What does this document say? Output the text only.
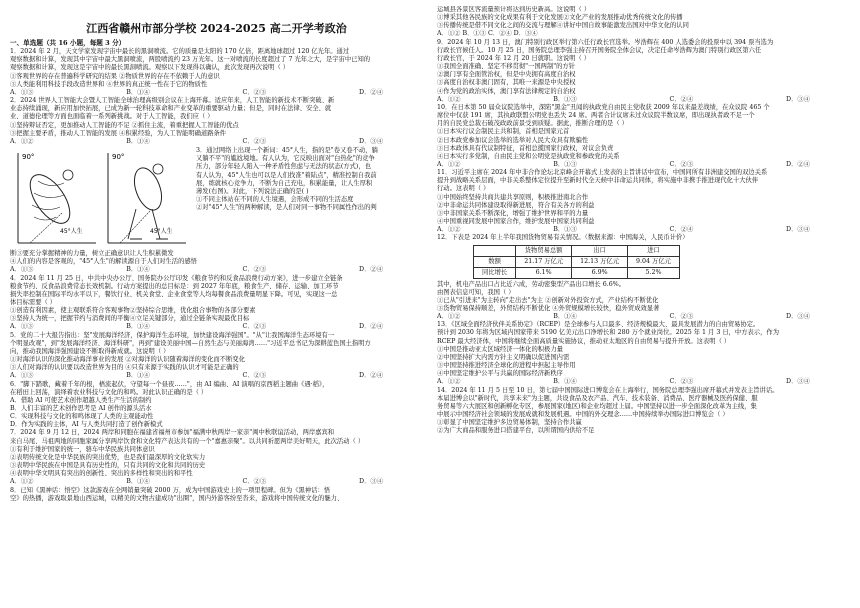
江西省赣州市部分学校 2024-2025 高二开学考政治
一、单选题（共 16 小题，每题 3 分）

1．2024 年 2 月，天文学家发现宇宙中最长的黑洞喷流。它的质量是太阳的 170 亿倍，距离地球超过 120 亿光年。通过

观察数据和计算，发现其中宇宙中最大黑洞喷流，两股喷流约 23 万光年。这一对喷流的长度超过了 7 光年之大，是宇宙中已知的

观察数据和计算，发现这是宇宙中的最长黑洞喷流。观察以下发现得以确认，此次发现再次说明（ ）

①客观世界的存在普遍科学研究的结果 ②物质世界的存在不依赖于人的意识

③人类能利用科技手段改造世界和 ④世界的真正统一性在于它的物质性

A．①③	B．①④	C．②③	D．②④

2．2024 世界人工智能大会暨人工智能全球治理高级别会议在上海开幕。适应年来，人工智能的新技术不断突破、新

业态持续涌现，新应用加快拓展，已成为新一轮科技革命和产业变革的重要驱动力量；但是，同时在法律、安全、就

业、道德伦理等方面也面临着一系列新挑战。对于人工智能，我们应（ ）

①坚持辩证否定，更加推动人工智能的不足 ②抓住主流，着重把握人工智能的优点

③把握主要矛盾，推动人工智能的发展 ④积累经验，为人工智能明确道路条件

A．①②	B．①④	C．②③	D．③④
90°
45°人生
90°
45°人生

3．通过网络上出现一个新词：45°人生，指的是"卷又卷不动，躺

又躺不平"的尴尬境地。有人认为，它反映出面对"白热化"的竞争

压力，部分年轻人陷入一种矛盾性焦虑与无法的状态(方式)，也

有人认为，45°人生也可以是人们找准"着陆点"，精准控制自我前

展，练就核心竞争力，不断为自己充电，积累能量，让人生厚积

薄发(右图)。对此，下列说法正确的是( )

①不同主体站在不同的人生境遇，会形成不同的生活态度

②对"45°人生"的两种解读，是人们对同一事物不同属性作出的判

断③要充分掌握精神的力量，树立正确意识让人生积累微发

④人们的内容是客观的，"45°人生"的解读源自于人们对生活的感悟

A．①③	B．①④	C．②③	D．②④

4．2024 年 11 月 25 日，中共中央办公厅、国务院办公厅印发《粮食节约和反食品浪费行动方案》，进一步建立全链条

粮食节约、反食品浪费常态长效机制。行动方案提出的总目标是：到 2027 年年底，粮食生产、储存、运输、加工环节

损失率控制在国际平均水平以下，餐饮行业、机关食堂、企业食堂等人均每餐食品浪费量明显下降。可见，实现这一总

体目标需要（ ）

①创造有利因素，使主观联系符合客观事物②坚持综合思维，优化组合事物的各部分要素

③坚持人为统一，把握节约与消费间的平衡④立足关键部分，通过全链条实现最优目标

A．①③	B．①④	C．②③	D．②④

5．党的二十大报告指出：坚"发展海洋经济，保护海洋生态环境，加快建设海洋强国"。"从"让我国海洋生态环境有一

个明显改观"，到"发展海洋经济、海洋科研"，再到"建设美丽中国—自然生态与美丽海湾……"习近平总书记为深耕蓝色国土指明方

向，推动我国海洋强国建设不断取得新成就。这说明（ ）

①对海洋认识的深化推动海洋事业的发展 ②对海洋的认识随着海洋的变化而不断变化

③人们对海洋的认识要以改造世界为目的 ④只有来源于实践的认识才可能是正确的

A．①③	B．①④	C．②③	D．②④

6．"脚下踏歌，藏着千年的根，梧流起伏，守望每一个昼夜……"，由 AI 编曲、AI 演唱的京西稻主题曲《遇·稻》，

在稻田上回荡，演绎着农业科技与文化的和鸣。对此认识正确的是（ ）

A．借助 AI 可使艺术创作超越人类生产生活的制约

B．人们丰富的艺术创作思考是 AI 创作的源头活水

C．实现科技与文化的和鸣体现了人类的主观能动性

D．作为实践的主体，AI 与人类共同打造了创作新模式

7．2024 年 9 月 12 日，2024 两岸和同胞在福建省福州市参加"福满中秋两岸一家亲"闽中秋联谊活动，两岸嘉宾和

来自马尾、马祖两地的同胞家属分享两岸饮食和文化特产表达共有的一个"嘉惠亲聚"。以共同祈愿两岸美好明天，此次活动（ ）

①有利于维护国家的统一，骆车中华民族共同体意识

②表明传统文化是中华民族的突出优势，也是我们最深厚的文化软实力

③表明中华民族在中国是具有历史性的，只有共同的文化和共同的历史

④表明中华文明具有突出的创新性、突出的多样性和突出的和平性

A．①②	B．①④	C．②③	D．③④

8．已知《黑神话：悟空》这款游戏在全网销量突破 2000 万，成为中国游戏史上的一项里程碑。但为《黑神话：悟

空》的热播，游戏取景地山西运城，以精美的文物古建成功"出圈"，国内外游客纷至沓来，游戏将中国传统文化的魅力、

运城县各景区客流量预计将达到历史新高。这说明（ ）

①博采其他各民族的文化成果有利于文化发展②文化产业的发展推动优秀传统文化的传播

③传播传统是借不同文化之间的交流与理解④讲好中国自故事能激发出国对中华文化的认同

A．①② B．①③ C．②④ D．③④

9．2024 年 10 月 13 日，澳门特别行政区举行第六任行政长官选举。岑浩辉在 400 人选委会的投票中以 394 票当选为

行政长官候任人。10 月 25 日，国务院总理李强主持召开国务院全体会议，决定任命岑浩辉为澳门特别行政区第六任

行政长官，于 2024 年 12 月 20 日就职。这说明（ ）

①我国全面准确、坚定不移贯彻"一国两制"的方针

②澳门享有全面管治权，但是中央拥有高度自治权

③高度自治权非澳门固有，其唯一来源是中央授权

④作为党的政治实体，澳门享有法律规定的自治权

A．①②	B．①③	C．②④	D．③④

10．在日本第 50 届众议院选举中，深陷"黑金"丑闻的执政党自由民主党收获 2009 年以来最差战绩，在众议院 465 个

席位中仅获 191 席，其执政联盟公明党也丢失 24 席。两者合计议席未过众议院半数议席，即出现执者政不足一个

月的自民党总裁石破茂政政前景受到质疑。据此，推断合理的是（ ）

①日本实行议会制民主共和制，首相是国家元首

②日本政党参加议会选举的选举对人民大众具有欺骗性

③日本政体具有代议制特征，首相总揽国家行政权，对议会负责

④日本实行多党制，自由民主党和公明党是执政党和参政党的关系

A．①②	B．①③	C．②③	D．②④

11．习近平主席在 2024 年中非合作论坛北京峰会开幕式上发表的主旨讲话中宣布，中国同所有非洲建交国的双边关系

提升到战略关系层面，中非关系整体定位提升至新时代全天候中非命运共同体，将实施中非携手推进现代化十大伙伴

行动。这表明（ ）

①中国始终坚持共商共建共享原则，积极推进南北合作

②中非命运共同体建设取得新进展，符合有关各方的利益

③中非国家关系不断深化，增强了维护世界和平的力量

④中国重视同发展中国家合作，维护发展中国家共同利益

A．①②	B．①③	C．②④	D．③④

12．下表是 2024 年上半年我国货物贸易有关情况。（数据来源：中国海关，人民币计价）

	货物贸易总额	出口	进口
数额	21.17 万亿元	12.13 万亿元	9.04 万亿元
同比增长	6.1%	6.9%	5.2%

其中，机电产品出口占比近六成，劳动密集型产品出口增长 6.6%。

由图表信息可知，我国（ ）

①已从"引进来"为主转向"走出去"为主 ②创新对外投资方式，产业结构不断优化

③货物贸易保持顺差，外贸结构不断优化 ④外贸规模增长较快，稳外贸成效显著

A．①②	B．①④	C．②③	D．③④

13．《区域全面经济伙伴关系协定》（RCEP）是全球参与人口最多、经济规模最大、最具发展潜力的自由贸易协定。

预计到 2030 年将为区域内国家带来 5190 亿美元出口净增长和 280 万个就业岗位。2025 年 1 月 3 日，中方表示，作为

RCEP 最大经济体，中国将继续全面高质量实施协议，推动亚太地区的自由贸易与提升开放。这表明（ ）

①中国是推动亚太区域经济一体化的积极力量

②中国坚持扩大内需方针主义明确以促进国内需

③中国坚持推进经济全球化的进程中担起主导作用

④中国坚定维护公平与共赢的国际经济新秩序

A．①②	B．①④	C．②③	D．③④

14．2024 年 11 月 5 日至 10 日，第七届中国国际进口博览会在上海举行，国务院总理李强出席开幕式并发表主旨讲话。

本届进博会以"新时代，共享未来"为主题，共设食品及农产品、汽车、技术装备、消费品、医疗器械及医药保健、服

务贸易等六大展区和创新孵化专区，参展国家(地区)和企业均超过上届。中国坚持以进一步全面深化改革为主线，集

中展示中国经济社会领域的发展成就和发展机遇。中国的外交理念……中国持续举办国际进口博览会（ ）

①彰显了中国坚定维护多边贸易体制，坚持合作共赢

②为广大商品和服务进口搭建平台，以所谓国内供给不足
